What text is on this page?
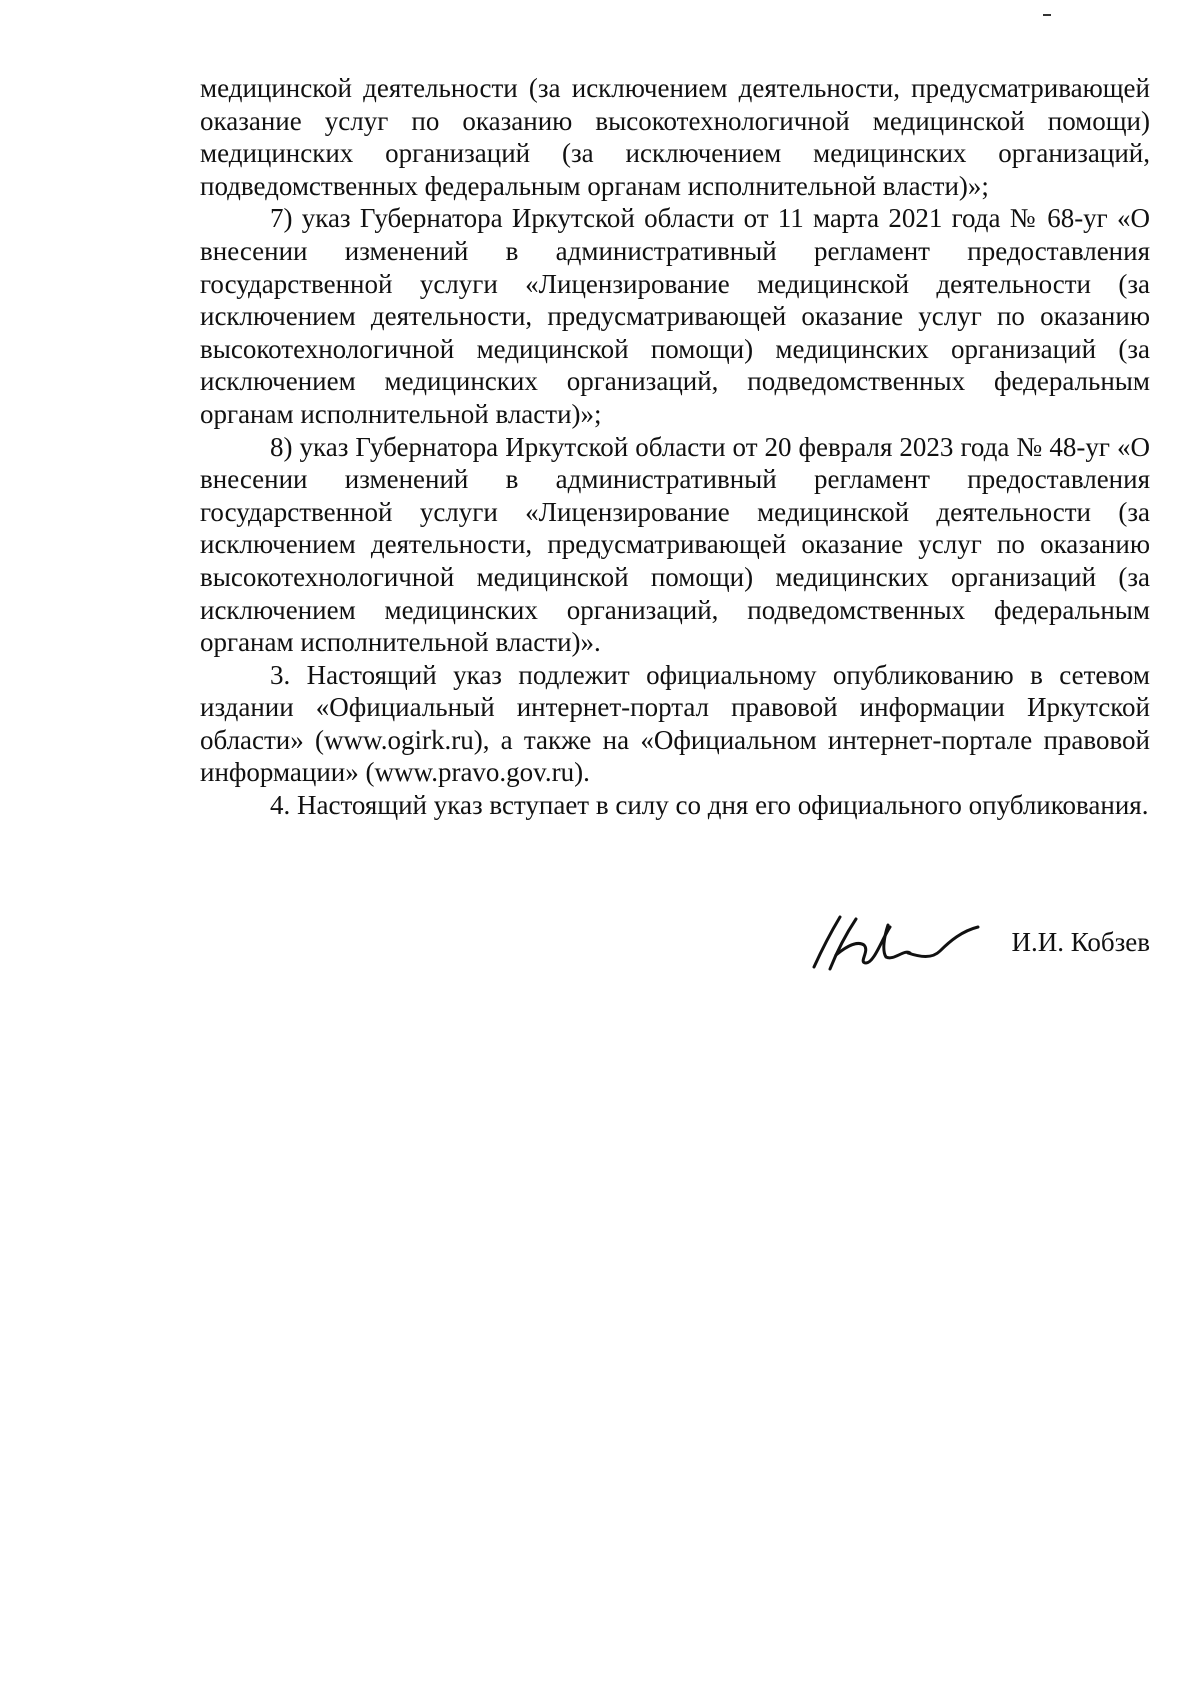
медицинской деятельности (за исключением деятельности, предусматривающей оказание услуг по оказанию высокотехнологичной медицинской помощи) медицинских организаций (за исключением медицинских организаций, подведомственных федеральным органам исполнительной власти)»;

7) указ Губернатора Иркутской области от 11 марта 2021 года № 68-уг «О внесении изменений в административный регламент предоставления государственной услуги «Лицензирование медицинской деятельности (за исключением деятельности, предусматривающей оказание услуг по оказанию высокотехнологичной медицинской помощи) медицинских организаций (за исключением медицинских организаций, подведомственных федеральным органам исполнительной власти)»;

8) указ Губернатора Иркутской области от 20 февраля 2023 года № 48-уг «О внесении изменений в административный регламент предоставления государственной услуги «Лицензирование медицинской деятельности (за исключением деятельности, предусматривающей оказание услуг по оказанию высокотехнологичной медицинской помощи) медицинских организаций (за исключением медицинских организаций, подведомственных федеральным органам исполнительной власти)».

3. Настоящий указ подлежит официальному опубликованию в сетевом издании «Официальный интернет-портал правовой информации Иркутской области» (www.ogirk.ru), а также на «Официальном интернет-портале правовой информации» (www.pravo.gov.ru).

4. Настоящий указ вступает в силу со дня его официального опубликования.

И.И. Кобзев
